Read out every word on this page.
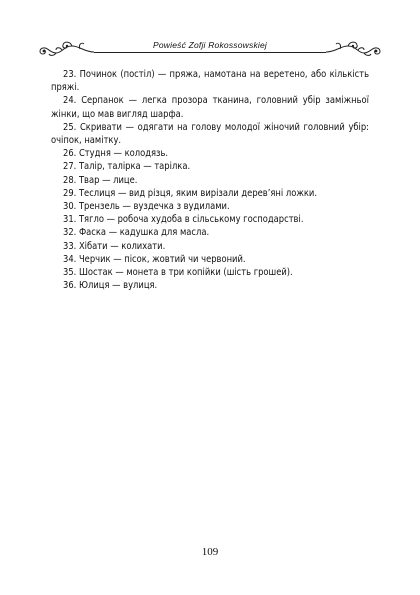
Powieść Zofji Rokossowskiej

23. Починок (постіл) — пряжа, намотана на веретено, або кількість пряжі.

24. Серпанок — легка прозора тканина, головний убір заміжньої жінки, що мав вигляд шарфа.

25. Скривати — одягати на голову молодої жіночий головний убір: очіпок, намітку.

26. Студня — колодязь.

27. Талір, талірка — тарілка.

28. Твар — лице.

29. Теслиця — вид різця, яким вирізали дерев’яні ложки.

30. Трензель — вуздечка з вудилами.

31. Тягло — робоча худоба в сільському господарстві.

32. Фаска — кадушка для масла.

33. Хібати — колихати.

34. Черчик — пісок, жовтий чи червоний.

35. Шостак — монета в три копійки (шість грошей).

36. Юлиця — вулиця.

109
